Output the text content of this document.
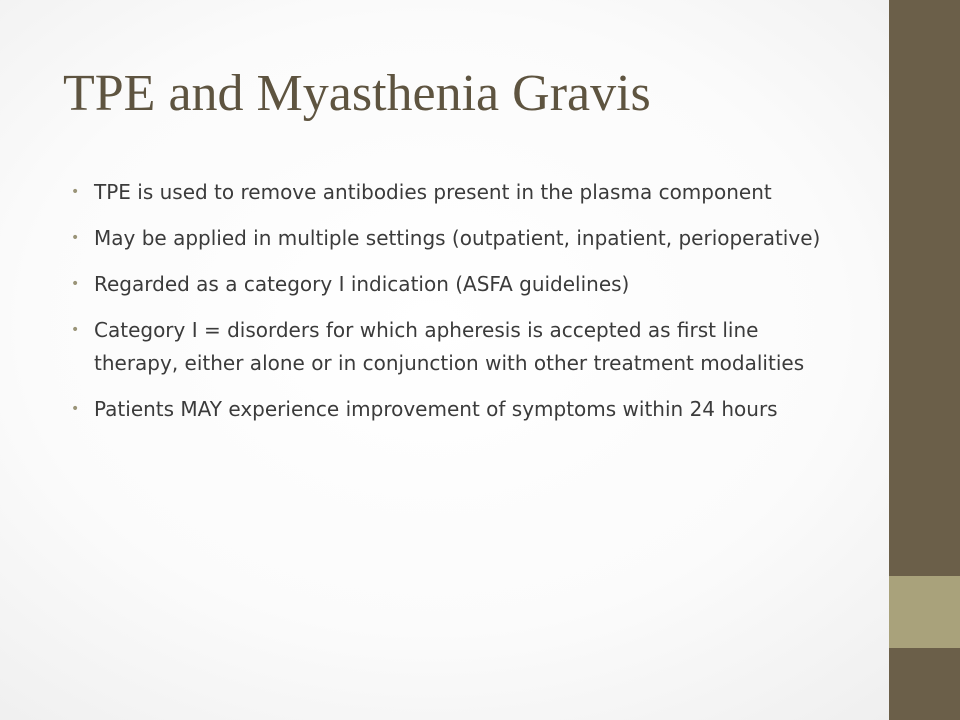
TPE and Myasthenia Gravis
• TPE is used to remove antibodies present in the plasma component
• May be applied in multiple settings (outpatient, inpatient, perioperative)
• Regarded as a category I indication (ASFA guidelines)
• Category I = disorders for which apheresis is accepted as first line therapy, either alone or in conjunction with other treatment modalities
• Patients MAY experience improvement of symptoms within 24 hours
